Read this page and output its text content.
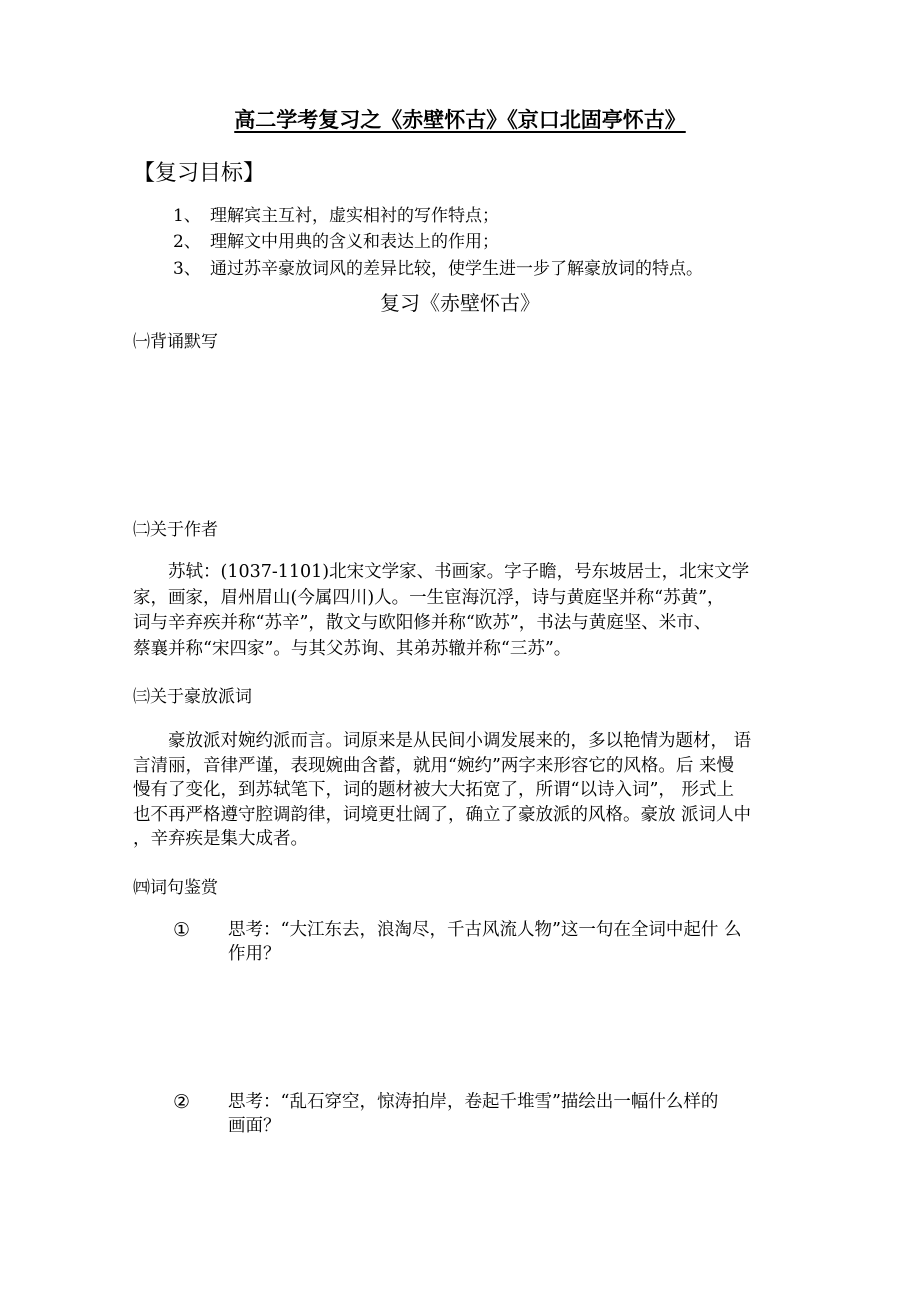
高二学考复习之《赤壁怀古》《京口北固亭怀古》
【复习目标】
1、 理解宾主互衬，虚实相衬的写作特点；
2、 理解文中用典的含义和表达上的作用；
3、 通过苏辛豪放词风的差异比较，使学生进一步了解豪放词的特点。
复习《赤壁怀古》
㈠背诵默写
㈡关于作者
　　苏轼：(1037-1101)北宋文学家、书画家。字子瞻，号东坡居士，北宋文学
家，画家，眉州眉山(今属四川)人。一生宦海沉浮，诗与黄庭坚并称“苏黄”，
词与辛弃疾并称“苏辛”，散文与欧阳修并称“欧苏”，书法与黄庭坚、米市、
蔡襄并称“宋四家”。与其父苏询、其弟苏辙并称“三苏”。
㈢关于豪放派词
　　豪放派对婉约派而言。词原来是从民间小调发展来的，多以艳情为题材， 语
言清丽，音律严谨，表现婉曲含蓄，就用“婉约”两字来形容它的风格。后 来慢
慢有了变化，到苏轼笔下，词的题材被大大拓宽了，所谓“以诗入词”， 形式上
也不再严格遵守腔调韵律，词境更壮阔了，确立了豪放派的风格。豪放 派词人中
，辛弃疾是集大成者。
㈣词句鉴赏
① 思考：“大江东去，浪淘尽，千古风流人物”这一句在全词中起什 么
作用？
② 思考：“乱石穿空，惊涛拍岸，卷起千堆雪”描绘出一幅什么样的
画面？
